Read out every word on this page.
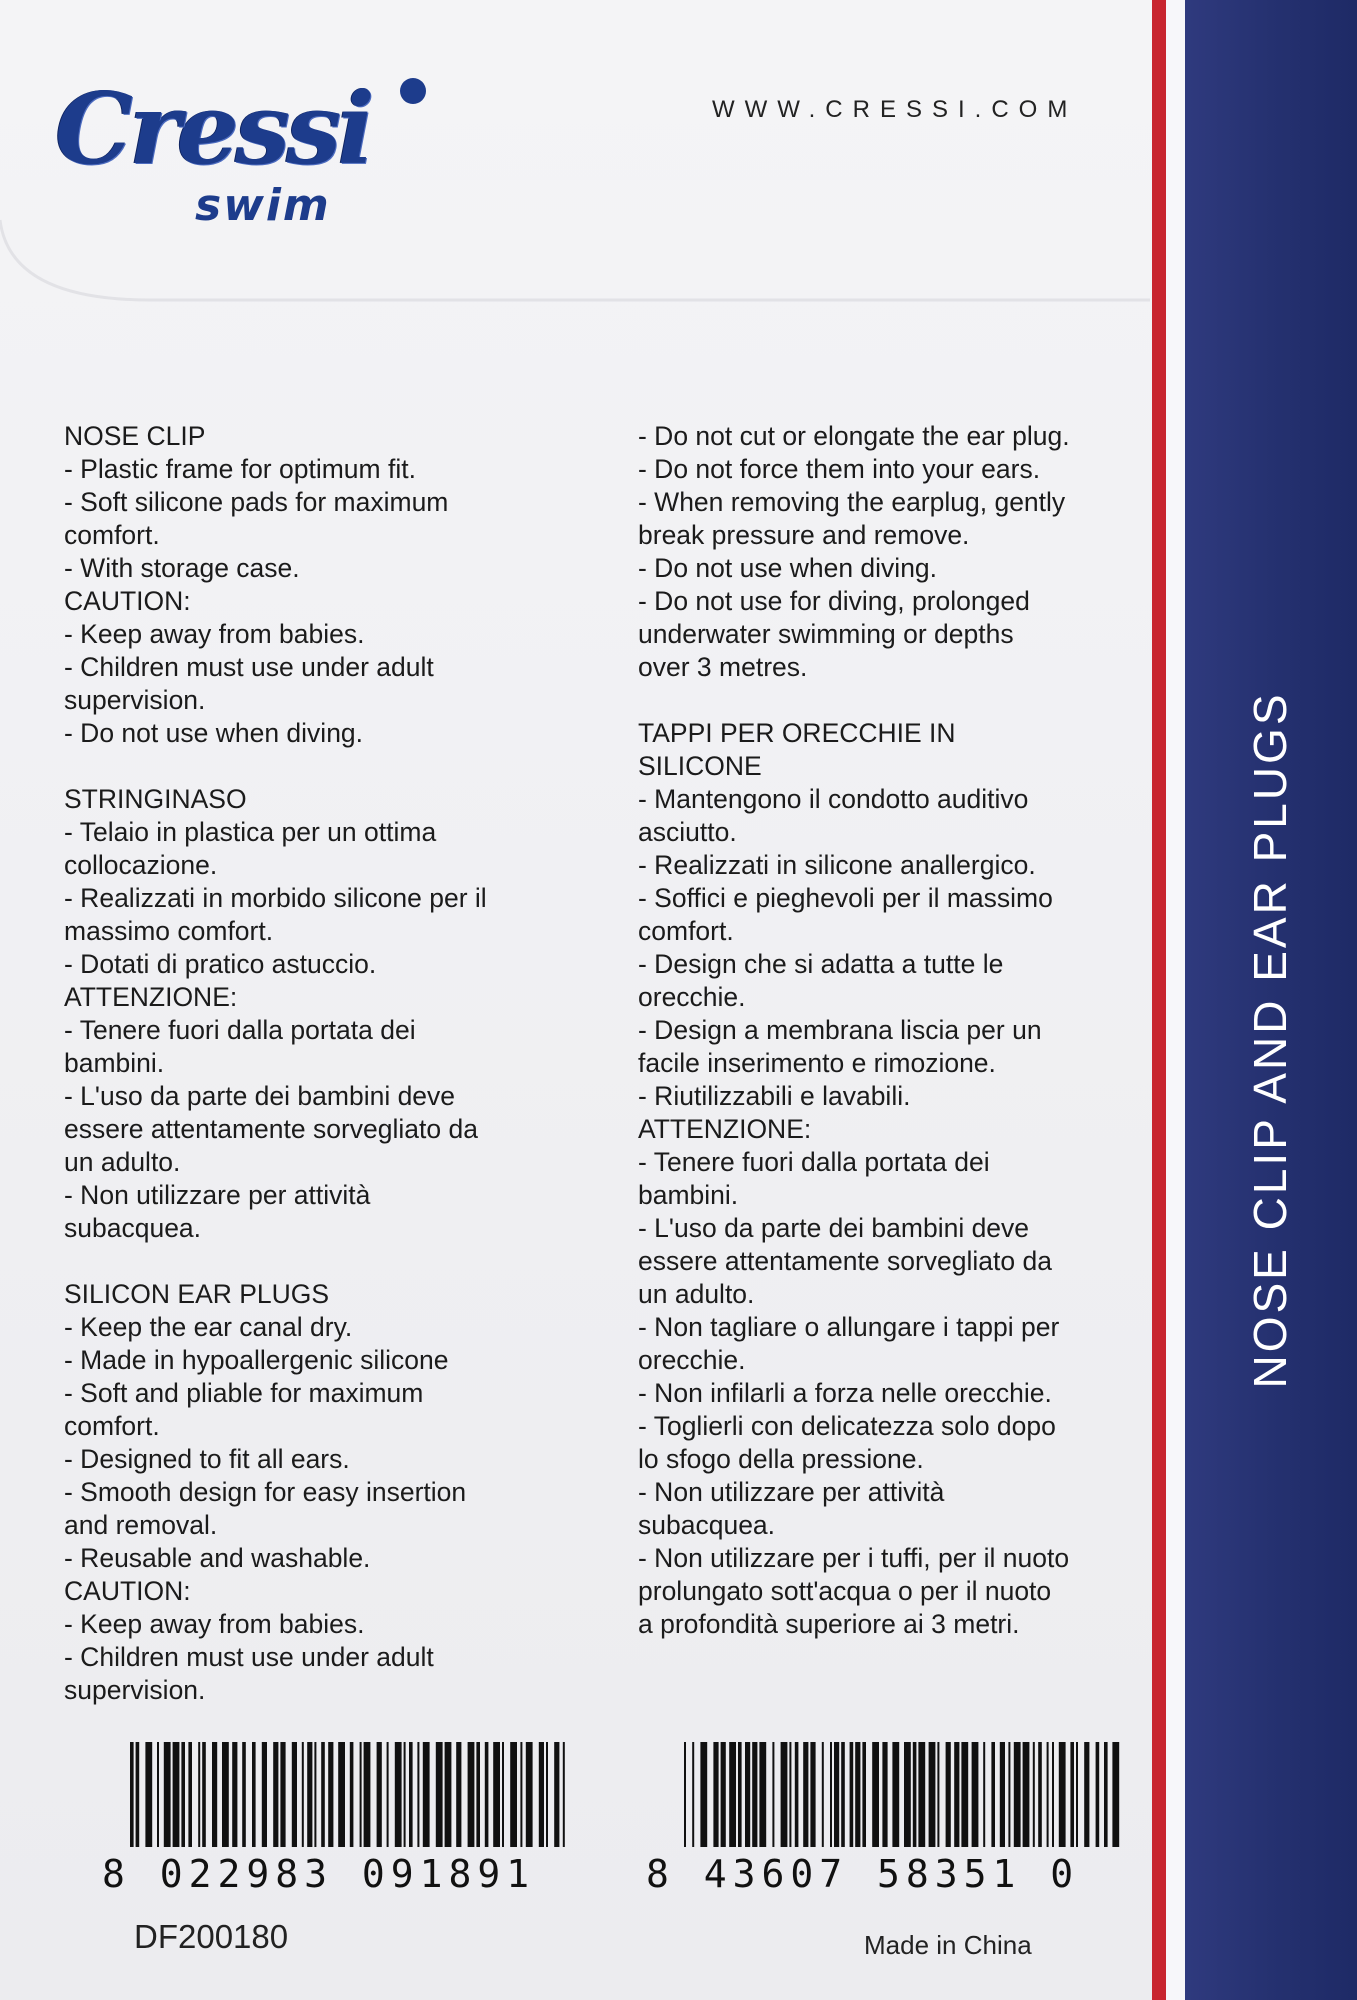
Cressi
swim
WWW.CRESSI.COM
NOSE CLIP
- Plastic frame for optimum fit.
- Soft silicone pads for maximum
comfort.
- With storage case.
CAUTION:
- Keep away from babies.
- Children must use under adult
supervision.
- Do not use when diving.
STRINGINASO
- Telaio in plastica per un ottima
collocazione.
- Realizzati in morbido silicone per il
massimo comfort.
- Dotati di pratico astuccio.
ATTENZIONE:
- Tenere fuori dalla portata dei
bambini.
- L'uso da parte dei bambini deve
essere attentamente sorvegliato da
un adulto.
- Non utilizzare per attività
subacquea.
SILICON EAR PLUGS
- Keep the ear canal dry.
- Made in hypoallergenic silicone
- Soft and pliable for maximum
comfort.
- Designed to fit all ears.
- Smooth design for easy insertion
and removal.
- Reusable and washable.
CAUTION:
- Keep away from babies.
- Children must use under adult
supervision.
- Do not cut or elongate the ear plug.
- Do not force them into your ears.
- When removing the earplug, gently
break pressure and remove.
- Do not use when diving.
- Do not use for diving, prolonged
underwater swimming or depths
over 3 metres.
TAPPI PER ORECCHIE IN
SILICONE
- Mantengono il condotto auditivo
asciutto.
- Realizzati in silicone anallergico.
- Soffici e pieghevoli per il massimo
comfort.
- Design che si adatta a tutte le
orecchie.
- Design a membrana liscia per un
facile inserimento e rimozione.
- Riutilizzabili e lavabili.
ATTENZIONE:
- Tenere fuori dalla portata dei
bambini.
- L'uso da parte dei bambini deve
essere attentamente sorvegliato da
un adulto.
- Non tagliare o allungare i tappi per
orecchie.
- Non infilarli a forza nelle orecchie.
- Toglierli con delicatezza solo dopo
lo sfogo della pressione.
- Non utilizzare per attività
subacquea.
- Non utilizzare per i tuffi, per il nuoto
prolungato sott'acqua o per il nuoto
a profondità superiore ai 3 metri.
NOSE CLIP AND EAR PLUGS
8 022983 091891	8 43607 58351 0
DF200180	Made in China
